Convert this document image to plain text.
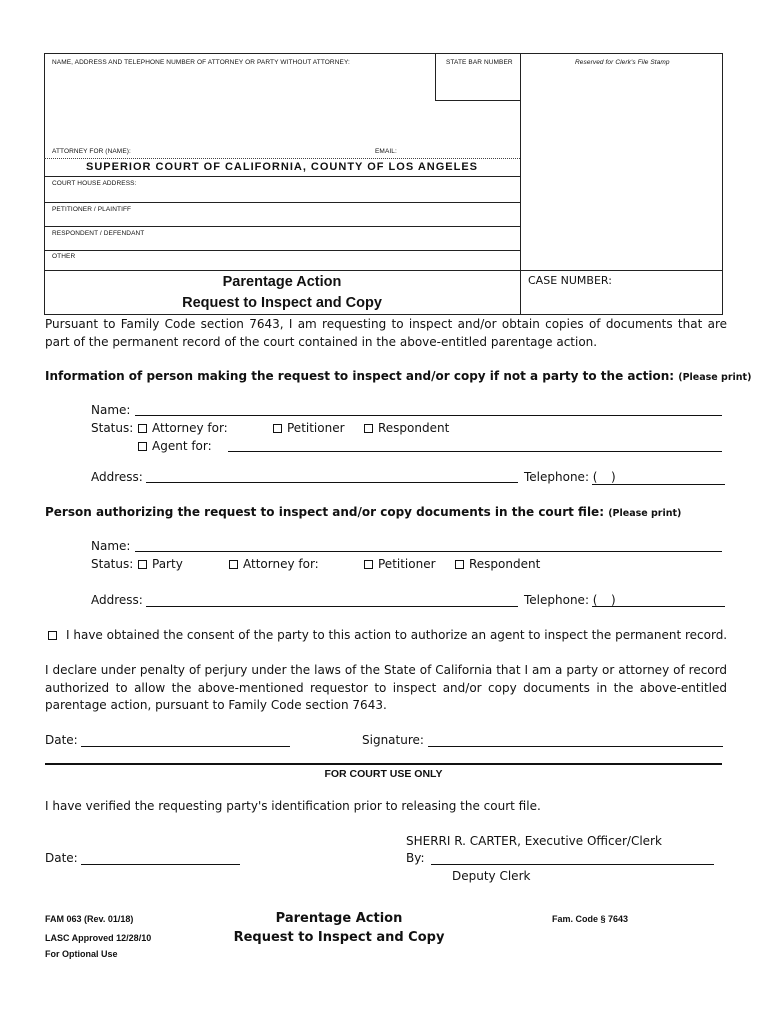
NAME, ADDRESS AND TELEPHONE NUMBER OF ATTORNEY OR PARTY WITHOUT ATTORNEY:	STATE BAR NUMBER	Reserved for Clerk's File Stamp
ATTORNEY FOR (NAME):	EMAIL:
SUPERIOR COURT OF CALIFORNIA, COUNTY OF LOS ANGELES
COURT HOUSE ADDRESS:
PETITIONER / PLAINTIFF
RESPONDENT / DEFENDANT
OTHER
Parentage Action
Request to Inspect and Copy
CASE NUMBER:
Pursuant to Family Code section 7643, I am requesting to inspect and/or obtain copies of documents that are part of the permanent record of the court contained in the above-entitled parentage action.
Information of person making the request to inspect and/or copy if not a party to the action: (Please print)
Name:
Status:	Attorney for:	Petitioner	Respondent
Agent for:
Address:	Telephone: ( )
Person authorizing the request to inspect and/or copy documents in the court file: (Please print)
Name:
Status:	Party	Attorney for:	Petitioner	Respondent
Address:	Telephone: ( )
I have obtained the consent of the party to this action to authorize an agent to inspect the permanent record.
I declare under penalty of perjury under the laws of the State of California that I am a party or attorney of record authorized to allow the above-mentioned requestor to inspect and/or copy documents in the above-entitled parentage action, pursuant to Family Code section 7643.
Date:	Signature:
FOR COURT USE ONLY
I have verified the requesting party's identification prior to releasing the court file.
SHERRI R. CARTER, Executive Officer/Clerk
By:
Deputy Clerk
Date:
FAM 063 (Rev. 01/18)
LASC Approved 12/28/10
For Optional Use
Parentage Action
Request to Inspect and Copy
Fam. Code § 7643
